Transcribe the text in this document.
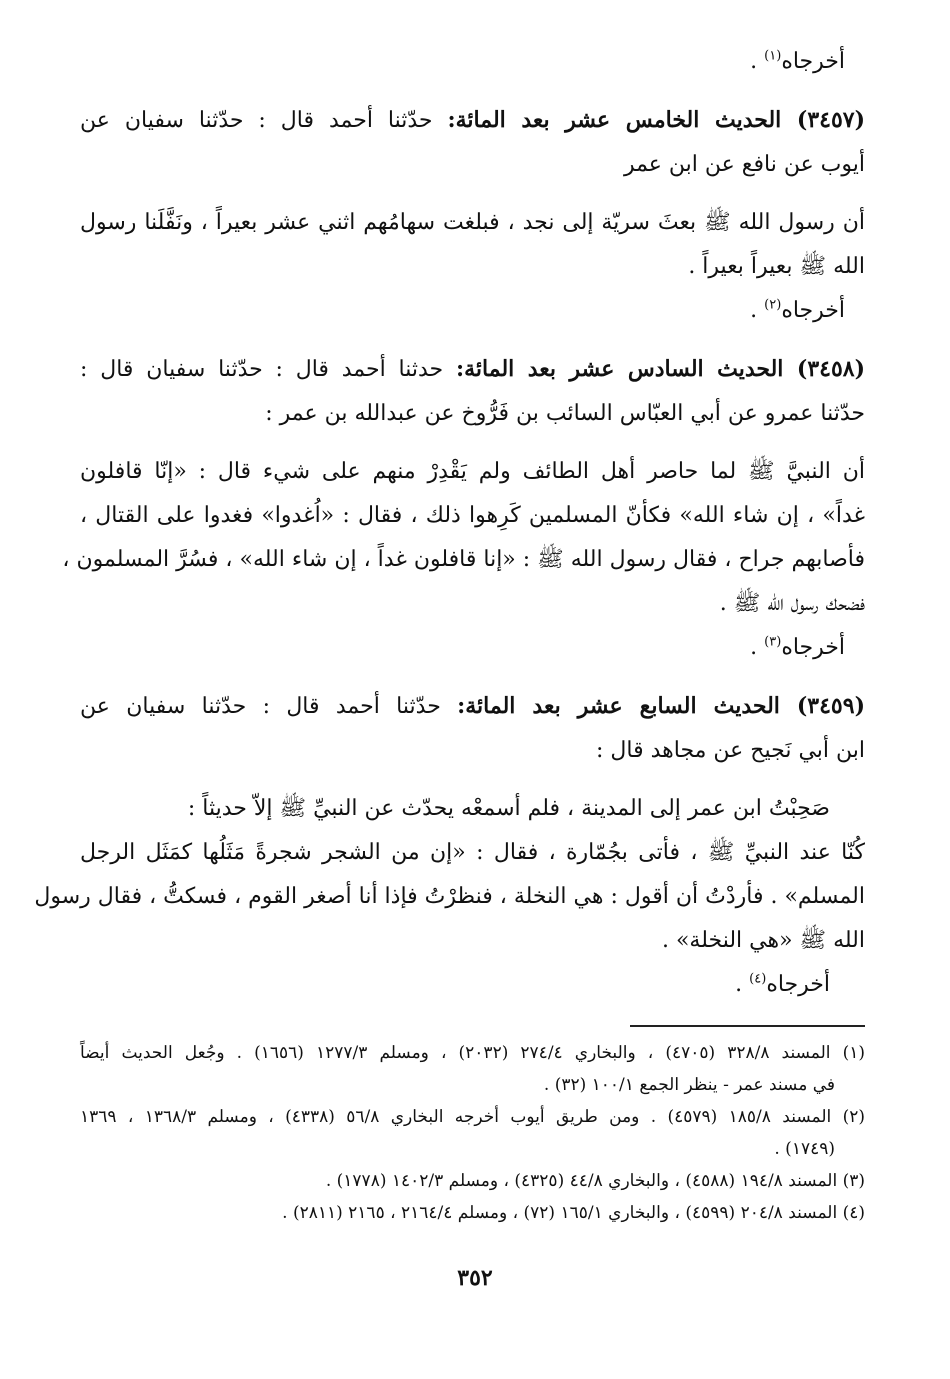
أخرجاه$^{(١)}$ .
(٣٤٥٧) الحديث الخامس عشر بعد المائة: حدّثنا أحمد قال : حدّثنا سفيان عن
أيوب عن نافع عن ابن عمر
أن رسول الله ﷺ بعثَ سريّة إلى نجد ، فبلغت سهامُهم اثني عشر بعيراً ، ونَفَّلَنا رسول
الله ﷺ بعيراً بعيراً .
أخرجاه$^{(٢)}$ .
(٣٤٥٨) الحديث السادس عشر بعد المائة: حدثنا أحمد قال : حدّثنا سفيان قال :
حدّثنا عمرو عن أبي العبّاس السائب بن فَرُّوخ عن عبدالله بن عمر :
أن النبيَّ ﷺ لما حاصر أهل الطائف ولم يَقْدِرْ منهم على شيء قال : «إنّا قافلون
غداً» ، إن شاء الله» فكأنّ المسلمين كَرِهوا ذلك ، فقال : «اُغدوا» فغدوا على القتال ،
فأصابهم جراح ، فقال رسول الله ﷺ : «إنا قافلون غداً ، إن شاء الله» ، فسُرَّ المسلمون ،
فضحك رسول الله ﷺ .
أخرجاه$^{(٣)}$ .
(٣٤٥٩) الحديث السابع عشر بعد المائة: حدّثنا أحمد قال : حدّثنا سفيان عن
ابن أبي نَجيح عن مجاهد قال :
صَحِبْتُ ابن عمر إلى المدينة ، فلم أسمعْه يحدّث عن النبيِّ ﷺ إلاّ حديثاً :
كُنّا عند النبيِّ ﷺ ، فأتى بجُمّارة ، فقال : «إن من الشجر شجرةً مَثَلُها كمَثَل الرجل
المسلم» . فأردْتُ أن أقول : هي النخلة ، فنظرْتُ فإذا أنا أصغر القوم ، فسكتُّ ، فقال رسول
الله ﷺ «هي النخلة» .
أخرجاه$^{(٤)}$ .
(١) المسند ٣٢٨/٨ (٤٧٠٥) ، والبخاري ٢٧٤/٤ (٢٠٣٢) ، ومسلم ١٢٧٧/٣ (١٦٥٦) . وجُعل الحديث أيضاً
في مسند عمر - ينظر الجمع ١٠٠/١ (٣٢) .
(٢) المسند ١٨٥/٨ (٤٥٧٩) . ومن طريق أيوب أخرجه البخاري ٥٦/٨ (٤٣٣٨) ، ومسلم ١٣٦٨/٣ ، ١٣٦٩
(١٧٤٩) .
(٣) المسند ١٩٤/٨ (٤٥٨٨) ، والبخاري ٤٤/٨ (٤٣٢٥) ، ومسلم ١٤٠٢/٣ (١٧٧٨) .
(٤) المسند ٢٠٤/٨ (٤٥٩٩) ، والبخاري ١٦٥/١ (٧٢) ، ومسلم ٢١٦٤/٤ ، ٢١٦٥ (٢٨١١) .
٣٥٢
